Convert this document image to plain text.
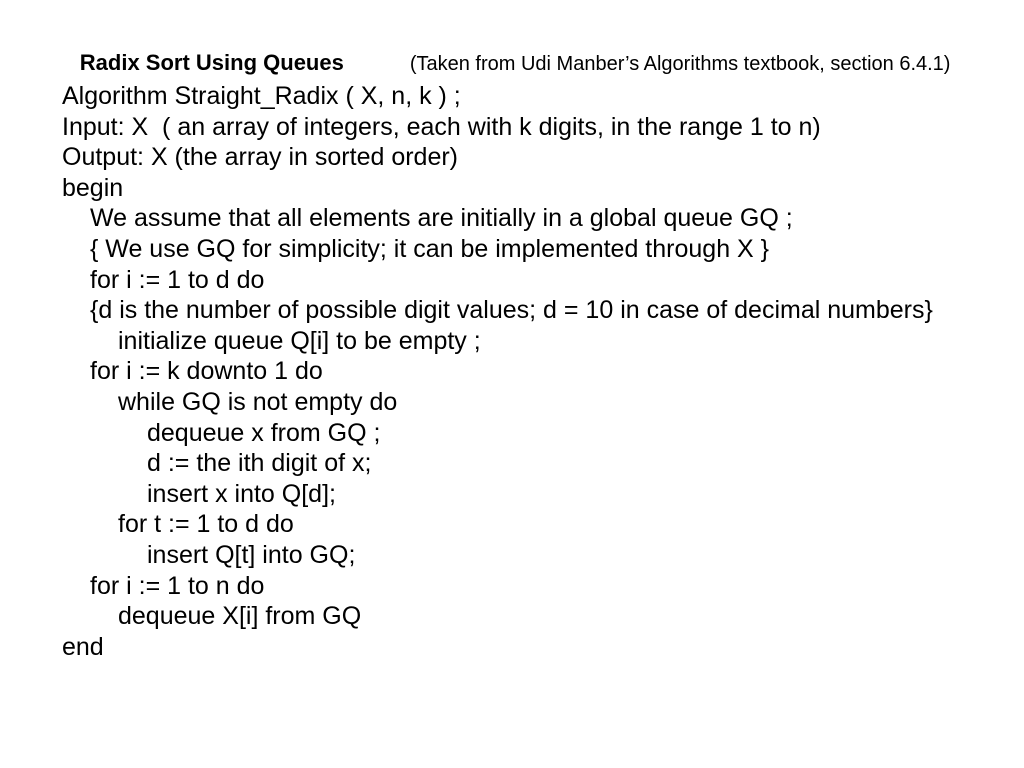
Radix Sort Using Queues	(Taken from Udi Manber’s Algorithms textbook, section 6.4.1)

Algorithm Straight_Radix ( X, n, k ) ;
Input: X  ( an array of integers, each with k digits, in the range 1 to n)
Output: X (the array in sorted order)
begin
We assume that all elements are initially in a global queue GQ ;
{ We use GQ for simplicity; it can be implemented through X }
for i := 1 to d do
{d is the number of possible digit values; d = 10 in case of decimal numbers}
initialize queue Q[i] to be empty ;
for i := k downto 1 do
while GQ is not empty do
dequeue x from GQ ;
d := the ith digit of x;
insert x into Q[d];
for t := 1 to d do
insert Q[t] into GQ;
for i := 1 to n do
dequeue X[i] from GQ
end
